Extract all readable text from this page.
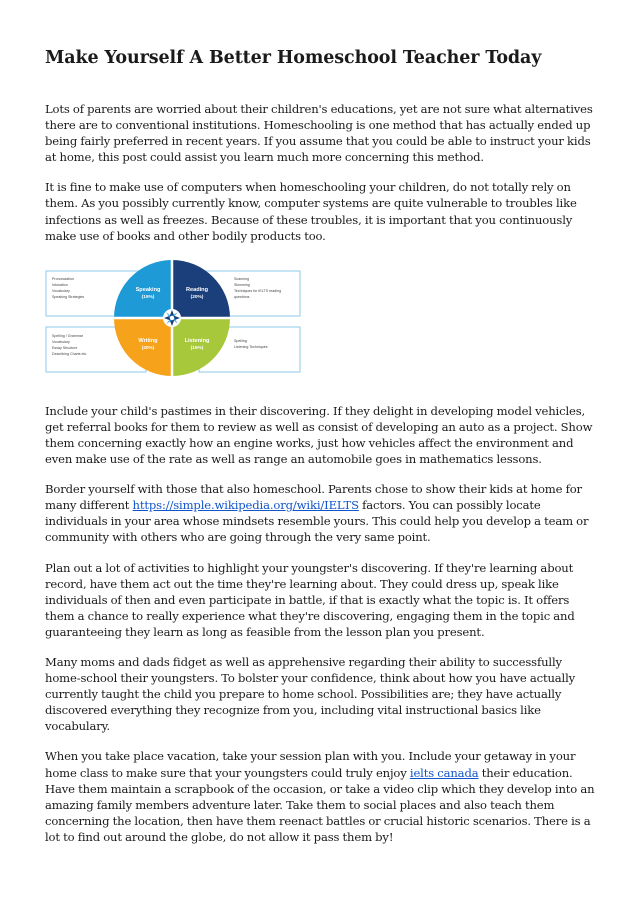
Make Yourself A Better Homeschool Teacher Today

Lots of parents are worried about their children's educations, yet are not sure what alternatives there are to conventional institutions. Homeschooling is one method that has actually ended up being fairly preferred in recent years. If you assume that you could be able to instruct your kids at home, this post could assist you learn much more concerning this method.

It is fine to make use of computers when homeschooling your children, do not totally rely on them. As you possibly currently know, computer systems are quite vulnerable to troubles like infections as well as freezes. Because of these troubles, it is important that you continuously make use of books and other bodily products too.

Pronunciation
Intonation
Vocabulary
Speaking Strategies
Scanning
Skimming
Techniques for IELTS reading
questions
Spelling / Grammar
Vocabulary
Essay Structure
Describing Charts etc.
Spelling
Listening Techniques
Speaking
(15%)
Reading
(20%)
Writing
(40%)
Listening
(15%)

Include your child's pastimes in their discovering. If they delight in developing model vehicles, get referral books for them to review as well as consist of developing an auto as a project. Show them concerning exactly how an engine works, just how vehicles affect the environment and even make use of the rate as well as range an automobile goes in mathematics lessons.

Border yourself with those that also homeschool. Parents chose to show their kids at home for many different https://simple.wikipedia.org/wiki/IELTS factors. You can possibly locate individuals in your area whose mindsets resemble yours. This could help you develop a team or community with others who are going through the very same point.

Plan out a lot of activities to highlight your youngster's discovering. If they're learning about record, have them act out the time they're learning about. They could dress up, speak like individuals of then and even participate in battle, if that is exactly what the topic is. It offers them a chance to really experience what they're discovering, engaging them in the topic and guaranteeing they learn as long as feasible from the lesson plan you present.

Many moms and dads fidget as well as apprehensive regarding their ability to successfully home-school their youngsters. To bolster your confidence, think about how you have actually currently taught the child you prepare to home school. Possibilities are; they have actually discovered everything they recognize from you, including vital instructional basics like vocabulary.

When you take place vacation, take your session plan with you. Include your getaway in your home class to make sure that your youngsters could truly enjoy ielts canada their education. Have them maintain a scrapbook of the occasion, or take a video clip which they develop into an amazing family members adventure later. Take them to social places and also teach them concerning the location, then have them reenact battles or crucial historic scenarios. There is a lot to find out around the globe, do not allow it pass them by!
